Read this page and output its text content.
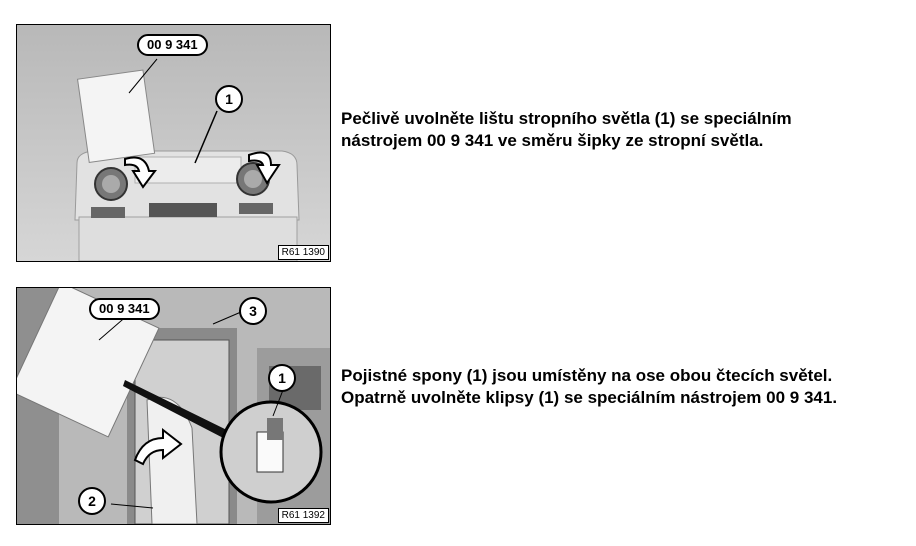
00 9 341
1
R61 1390

Pečlivě uvolněte lištu stropního světla (1) se speciálním
nástrojem 00 9 341 ve směru šipky ze stropní světla.

00 9 341	3
1
2
R61 1392

Pojistné spony (1) jsou umístěny na ose obou čtecích světel.
Opatrně uvolněte klipsy (1) se speciálním nástrojem 00 9 341.
